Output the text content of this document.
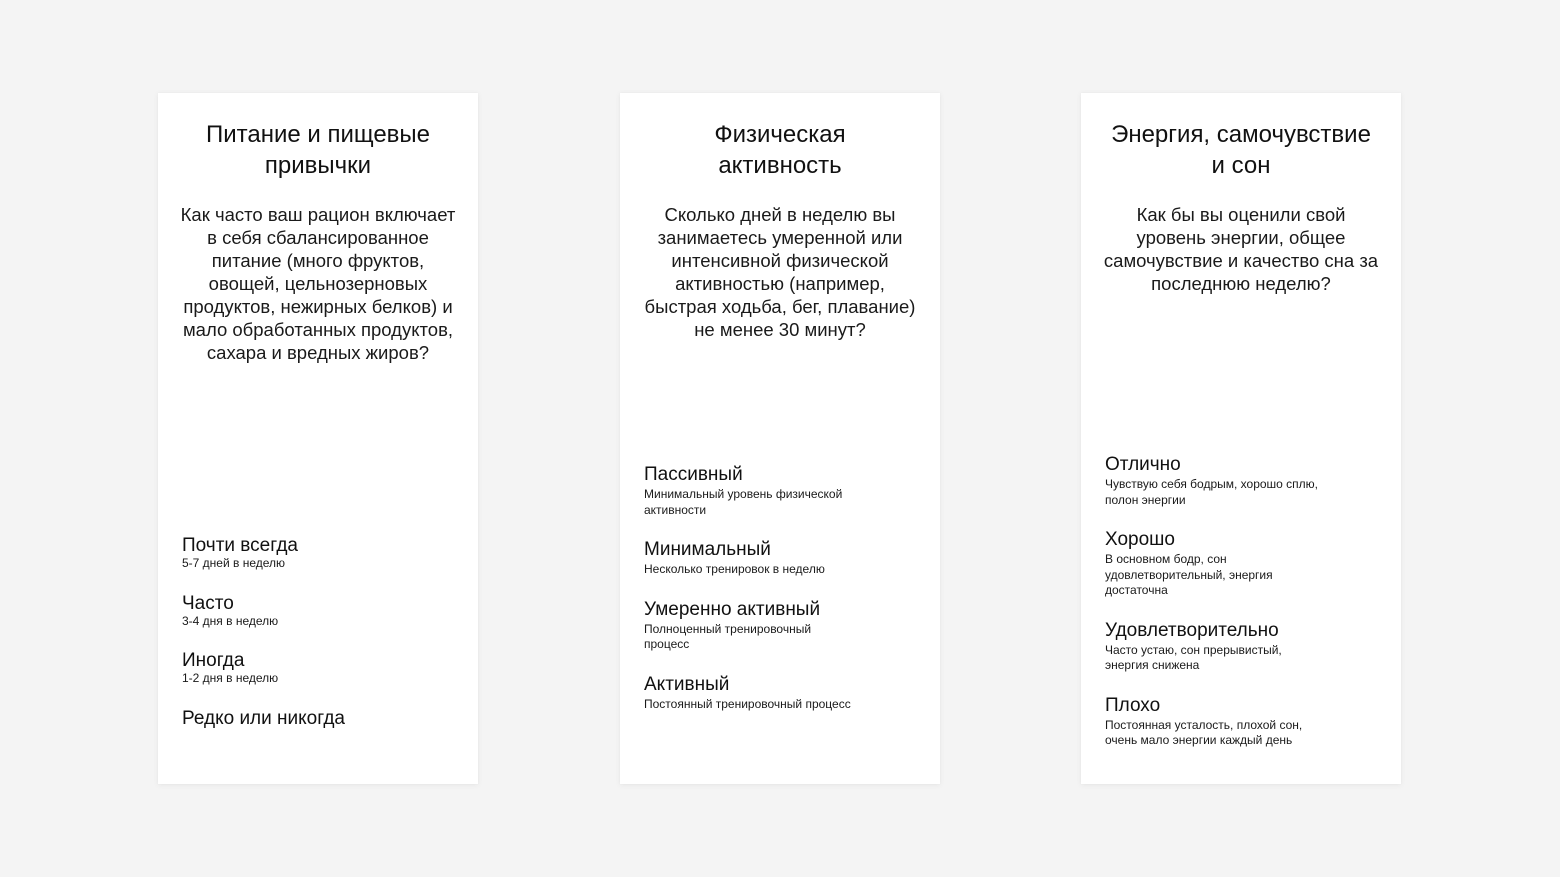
Питание и пищевые привычки

Как часто ваш рацион включает в себя сбалансированное питание (много фруктов, овощей, цельнозерновых продуктов, нежирных белков) и мало обработанных продуктов, сахара и вредных жиров?

Почти всегда
5-7 дней в неделю
Часто
3-4 дня в неделю
Иногда
1-2 дня в неделю
Редко или никогда
Физическая активность

Сколько дней в неделю вы занимаетесь умеренной или интенсивной физической активностью (например, быстрая ходьба, бег, плавание) не менее 30 минут?

Пассивный
Минимальный уровень физической активности
Минимальный
Несколько тренировок в неделю
Умеренно активный
Полноценный тренировочный процесс
Активный
Постоянный тренировочный процесс
Энергия, самочувствие и сон

Как бы вы оценили свой уровень энергии, общее самочувствие и качество сна за последнюю неделю?

Отлично
Чувствую себя бодрым, хорошо сплю, полон энергии
Хорошо
В основном бодр, сон удовлетворительный, энергия достаточна
Удовлетворительно
Часто устаю, сон прерывистый, энергия снижена
Плохо
Постоянная усталость, плохой сон, очень мало энергии каждый день
